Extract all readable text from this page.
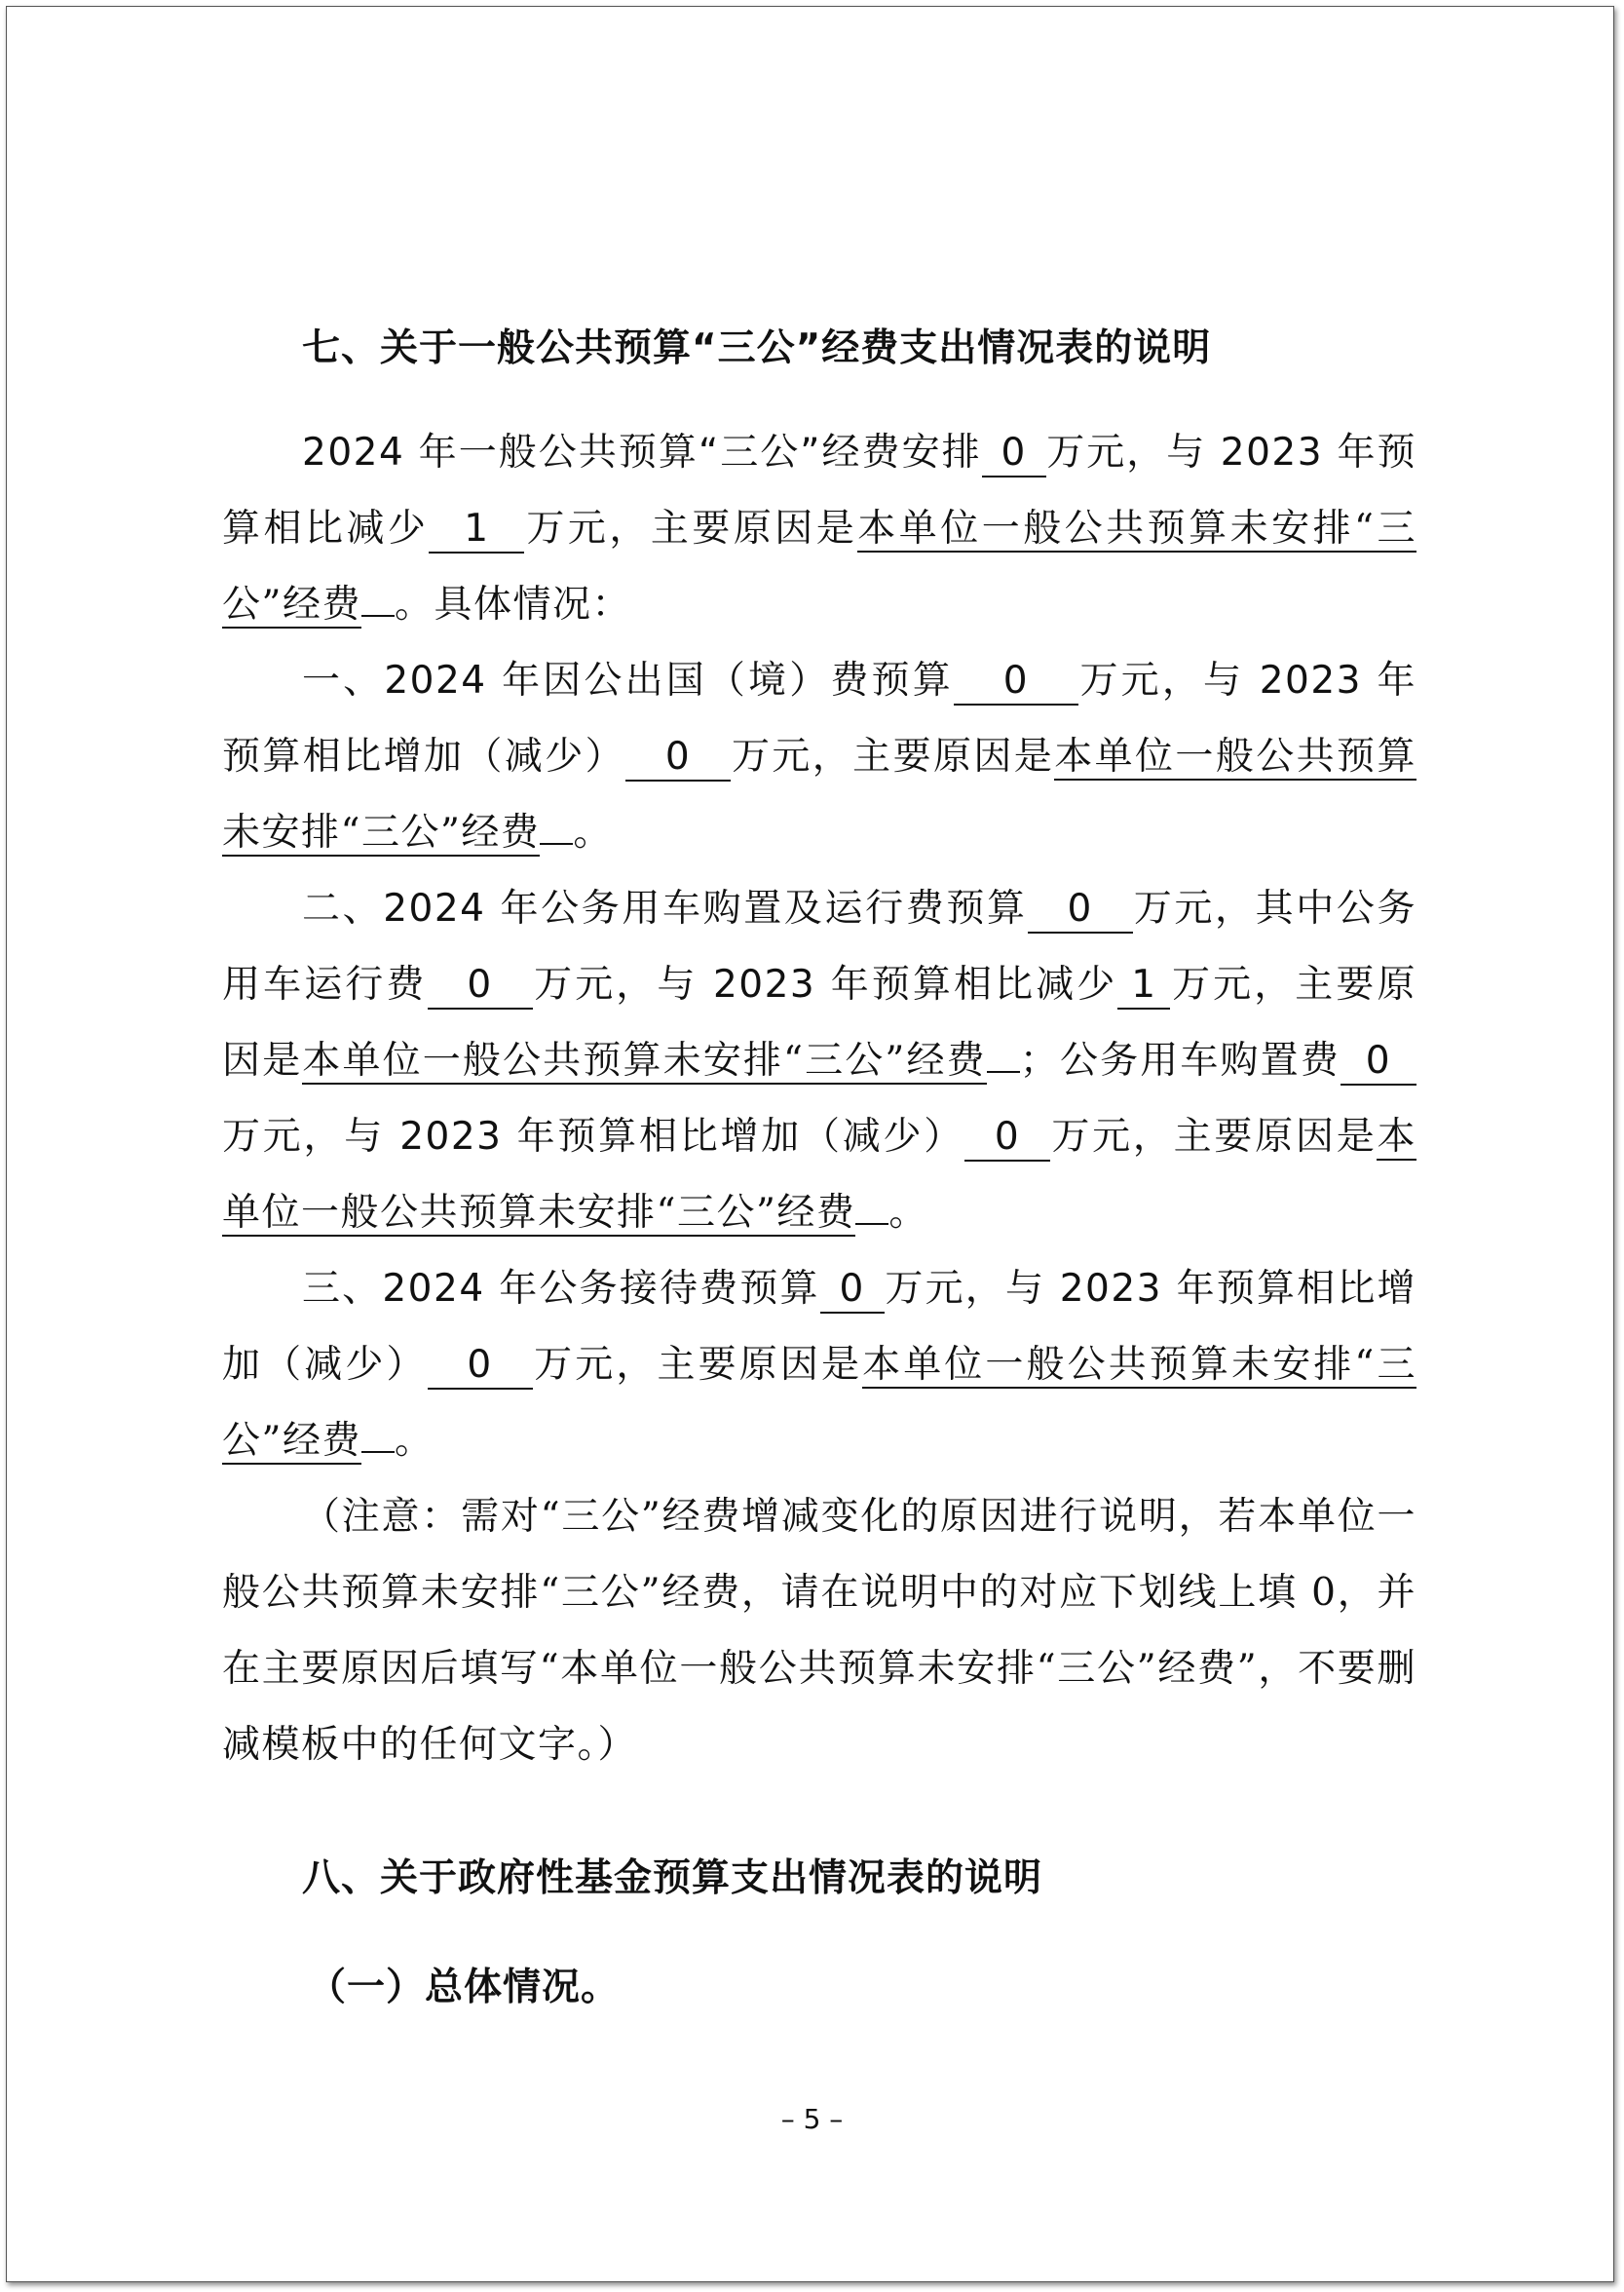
七、关于一般公共预算“三公”经费支出情况表的说明
2024 年一般公共预算“三公”经费安排 0 万元，与 2023 年预算相比减少 1 万元，主要原因是本单位一般公共预算未安排“三公”经费 。具体情况：
一、2024 年因公出国（境）费预算 0 万元，与 2023 年预算相比增加（减少） 0 万元，主要原因是本单位一般公共预算未安排“三公”经费 。
二、2024 年公务用车购置及运行费预算 0 万元，其中公务用车运行费 0 万元，与 2023 年预算相比减少 1 万元，主要原因是本单位一般公共预算未安排“三公”经费 ；公务用车购置费 0万元，与 2023 年预算相比增加（减少） 0 万元，主要原因是本单位一般公共预算未安排“三公”经费 。
三、2024 年公务接待费预算 0 万元，与 2023 年预算相比增加（减少） 0 万元，主要原因是本单位一般公共预算未安排“三公”经费 。
（注意：需对“三公”经费增减变化的原因进行说明，若本单位一般公共预算未安排“三公”经费，请在说明中的对应下划线上填 0，并在主要原因后填写“本单位一般公共预算未安排“三公”经费”，不要删减模板中的任何文字。）
八、关于政府性基金预算支出情况表的说明
（一）总体情况。
– 5 –
